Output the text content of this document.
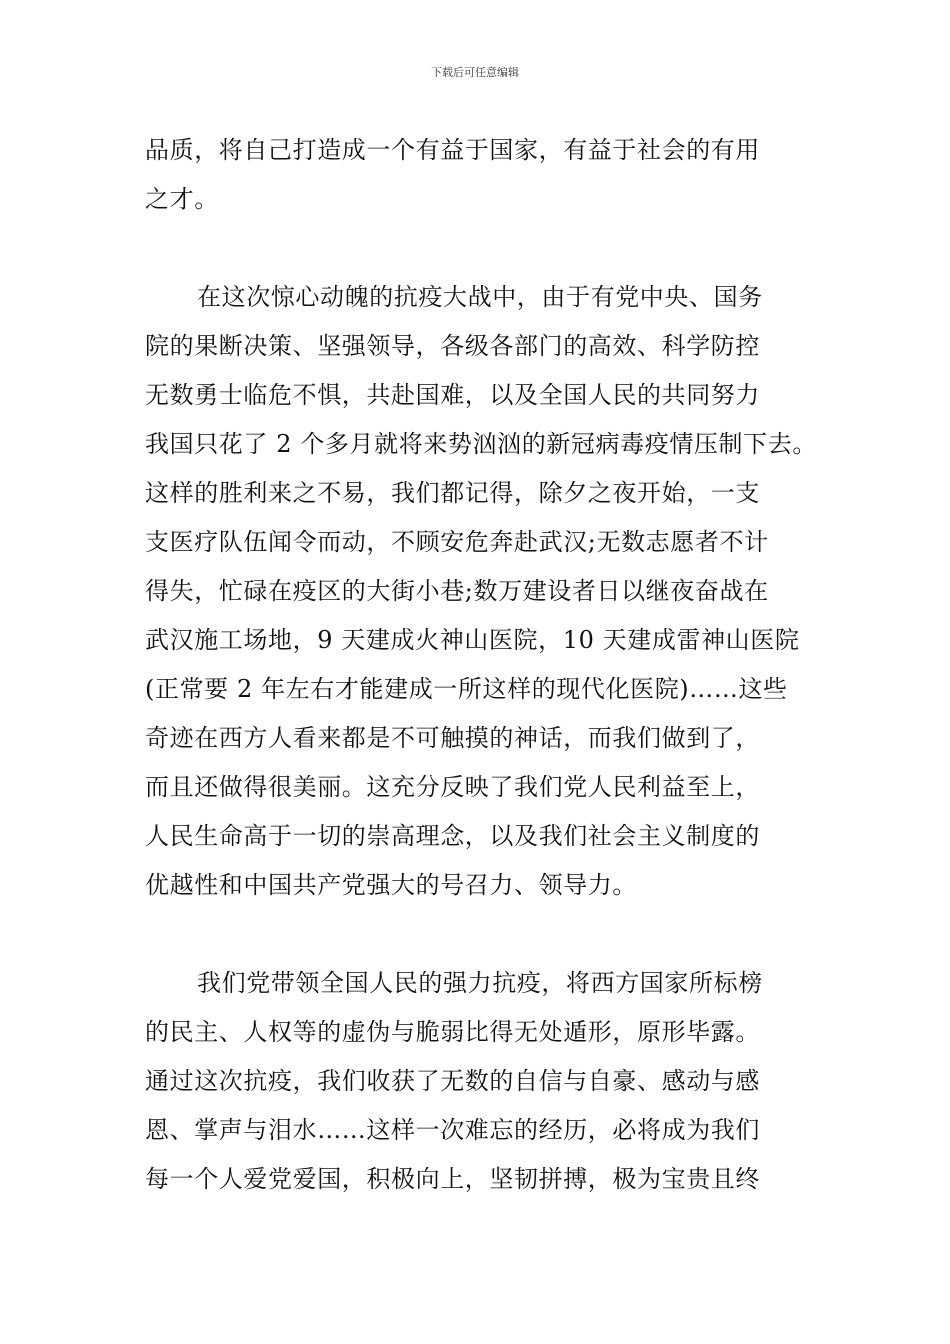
下载后可任意编辑
品质，将自己打造成一个有益于国家，有益于社会的有用
之才。
在这次惊心动魄的抗疫大战中，由于有党中央、国务
院的果断决策、坚强领导，各级各部门的高效、科学防控
无数勇士临危不惧，共赴国难，以及全国人民的共同努力
我国只花了 2 个多月就将来势汹汹的新冠病毒疫情压制下去。
这样的胜利来之不易，我们都记得，除夕之夜开始，一支
支医疗队伍闻令而动，不顾安危奔赴武汉;无数志愿者不计
得失，忙碌在疫区的大街小巷;数万建设者日以继夜奋战在
武汉施工场地，9 天建成火神山医院，10 天建成雷神山医院
(正常要 2 年左右才能建成一所这样的现代化医院)……这些
奇迹在西方人看来都是不可触摸的神话，而我们做到了，
而且还做得很美丽。这充分反映了我们党人民利益至上，
人民生命高于一切的崇高理念，以及我们社会主义制度的
优越性和中国共产党强大的号召力、领导力。
我们党带领全国人民的强力抗疫，将西方国家所标榜
的民主、人权等的虚伪与脆弱比得无处遁形，原形毕露。
通过这次抗疫，我们收获了无数的自信与自豪、感动与感
恩、掌声与泪水……这样一次难忘的经历，必将成为我们
每一个人爱党爱国，积极向上，坚韧拼搏，极为宝贵且终
